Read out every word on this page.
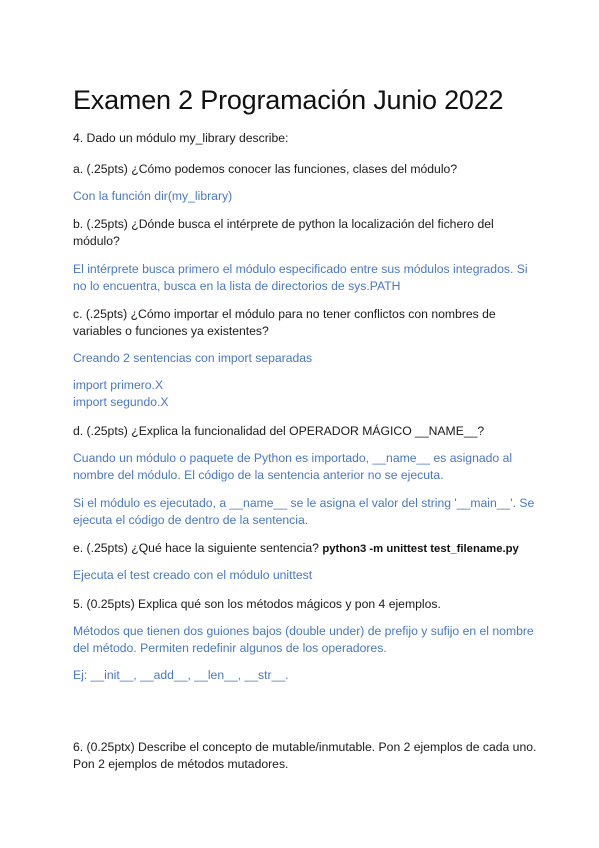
Examen 2 Programación Junio 2022

4. Dado un módulo my_library describe:

a. (.25pts) ¿Cómo podemos conocer las funciones, clases del módulo?

Con la función dir(my_library)

b. (.25pts) ¿Dónde busca el intérprete de python la localización del fichero del módulo?

El intérprete busca primero el módulo especificado entre sus módulos integrados. Si no lo encuentra, busca en la lista de directorios de sys.PATH

c. (.25pts) ¿Cómo importar el módulo para no tener conflictos con nombres de variables o funciones ya existentes?

Creando 2 sentencias con import separadas

import primero.X

import segundo.X

d. (.25pts) ¿Explica la funcionalidad del OPERADOR MÁGICO __NAME__?

Cuando un módulo o paquete de Python es importado, __name__ es asignado al nombre del módulo. El código de la sentencia anterior no se ejecuta.

Si el módulo es ejecutado, a __name__ se le asigna el valor del string '__main__'. Se ejecuta el código de dentro de la sentencia.

e. (.25pts) ¿Qué hace la siguiente sentencia? python3 -m unittest test_filename.py

Ejecuta el test creado con el módulo unittest

5. (0.25pts) Explica qué son los métodos mágicos y pon 4 ejemplos.

Métodos que tienen dos guiones bajos (double under) de prefijo y sufijo en el nombre del método. Permiten redefinir algunos de los operadores.

Ej: __init__, __add__, __len__, __str__.

6. (0.25ptx) Describe el concepto de mutable/inmutable. Pon 2 ejemplos de cada uno. Pon 2 ejemplos de métodos mutadores.
